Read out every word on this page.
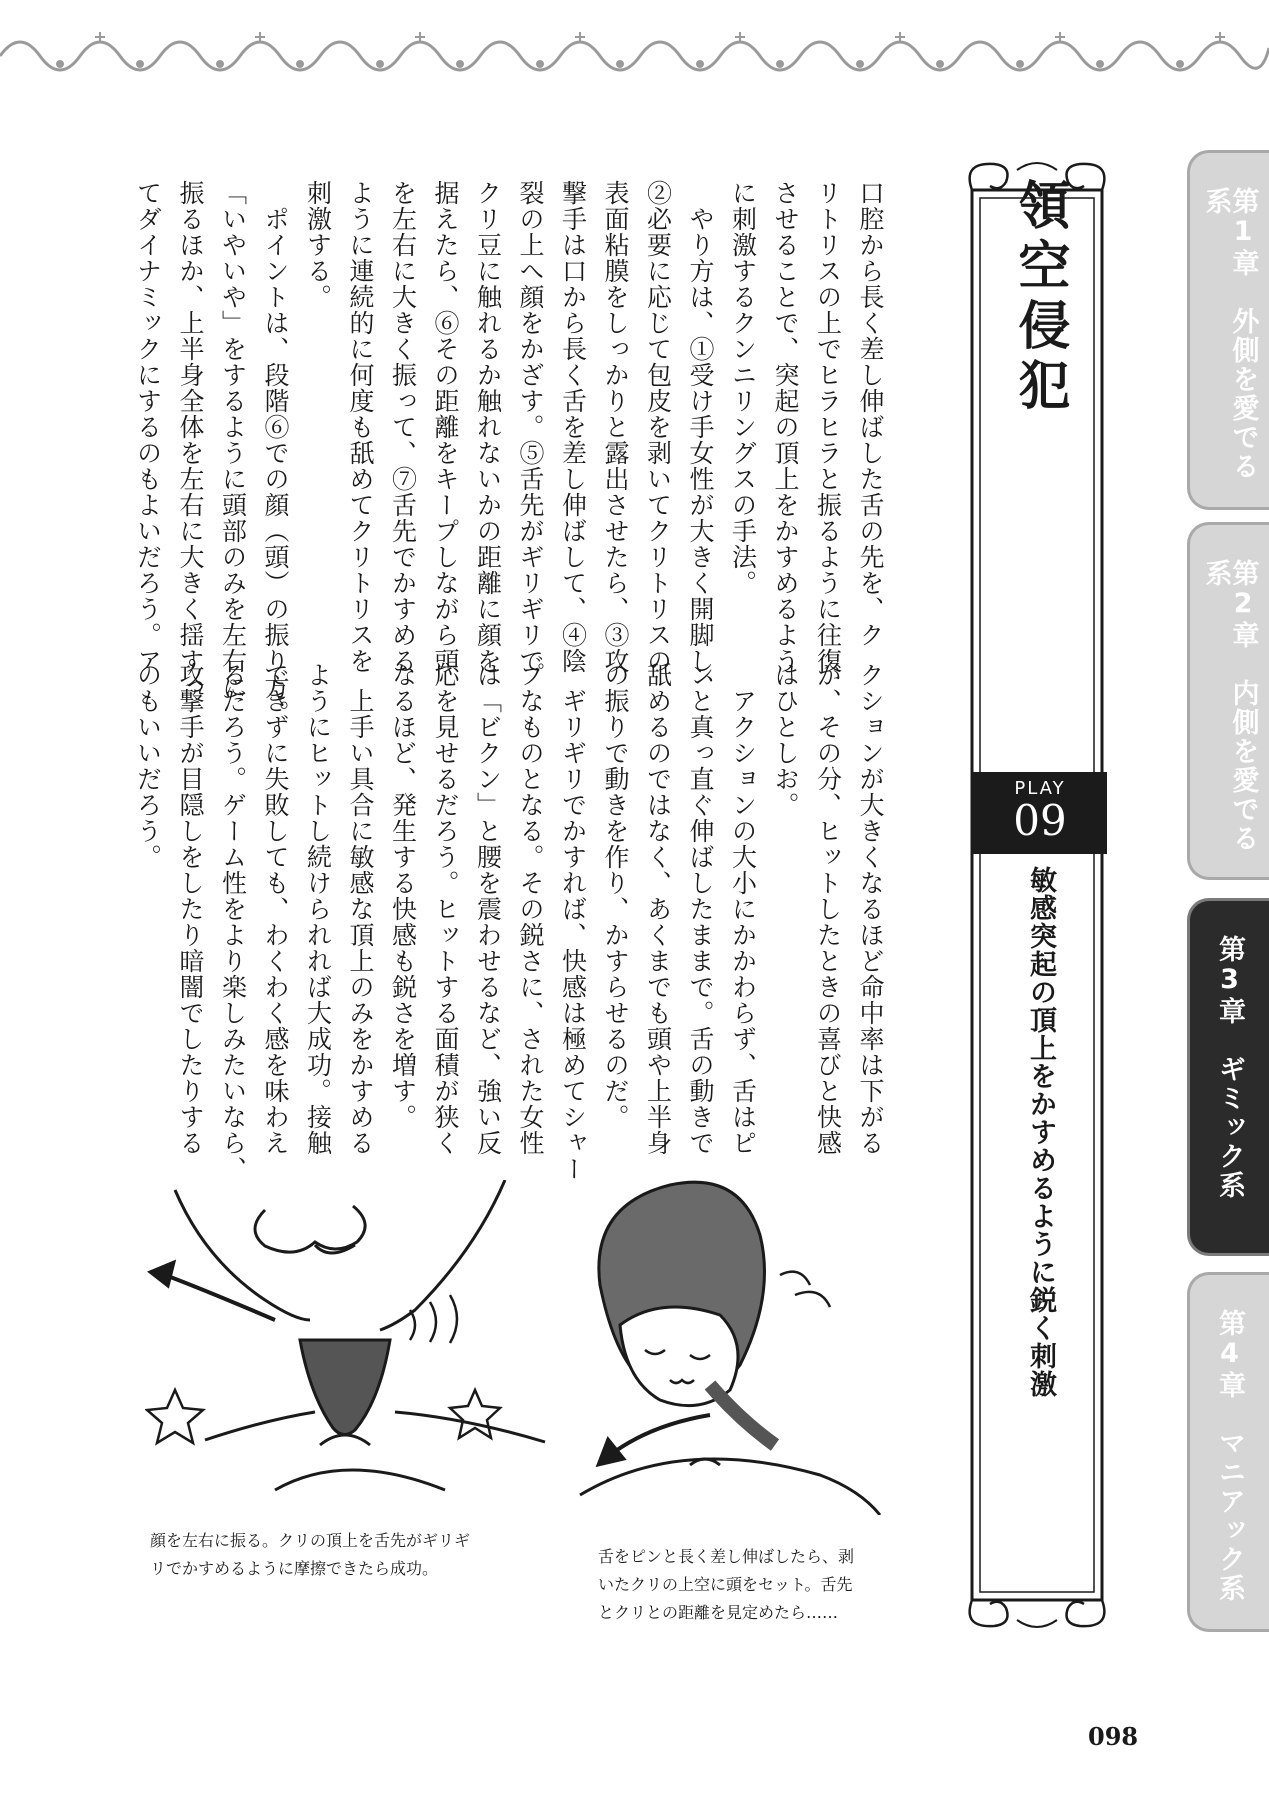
第1章　外側を愛でる系
第2章　内側を愛でる系
第3章　ギミック系
第4章　マニアック系
領空侵犯
PLAY
09
敏感突起の頂上をかすめるように鋭く刺激
口腔から長く差し伸ばした舌の先を、ク
リトリスの上でヒラヒラと振るように往復
させることで、突起の頂上をかすめるよう
に刺激するクンニリングスの手法。
　やり方は、①受け手女性が大きく開脚し、
②必要に応じて包皮を剥いてクリトリスの
表面粘膜をしっかりと露出させたら、③攻
撃手は口から長く舌を差し伸ばして、④陰
裂の上へ顔をかざす。⑤舌先がギリギリで
クリ豆に触れるか触れないかの距離に顔を
据えたら、⑥その距離をキープしながら頭
を左右に大きく振って、⑦舌先でかすめる
ように連続的に何度も舐めてクリトリスを
刺激する。
　ポイントは、段階⑥での顔（頭）の振り方。
「いやいや」をするように頭部のみを左右に
振るほか、上半身全体を左右に大きく揺すっ
てダイナミックにするのもよいだろう。ア
クションが大きくなるほど命中率は下がる
が、その分、ヒットしたときの喜びと快感
はひとしお。
　アクションの大小にかかわらず、舌はピ
ンと真っ直ぐ伸ばしたままで。舌の動きで
舐めるのではなく、あくまでも頭や上半身
の振りで動きを作り、かすらせるのだ。
　ギリギリでかすれば、快感は極めてシャー
プなものとなる。その鋭さに、された女性
は「ビクン」と腰を震わせるなど、強い反
応を見せるだろう。ヒットする面積が狭く
なるほど、発生する快感も鋭さを増す。
　上手い具合に敏感な頂上のみをかすめる
ようにヒットし続けられれば大成功。接触
できずに失敗しても、わくわく感を味わえ
るだろう。ゲーム性をより楽しみたいなら、
攻撃手が目隠しをしたり暗闇でしたりする
のもいいだろう。
顔を左右に振る。クリの頂上を舌先がギリギ
リでかすめるように摩擦できたら成功。
舌をピンと長く差し伸ばしたら、剥
いたクリの上空に頭をセット。舌先
とクリとの距離を見定めたら……
098
